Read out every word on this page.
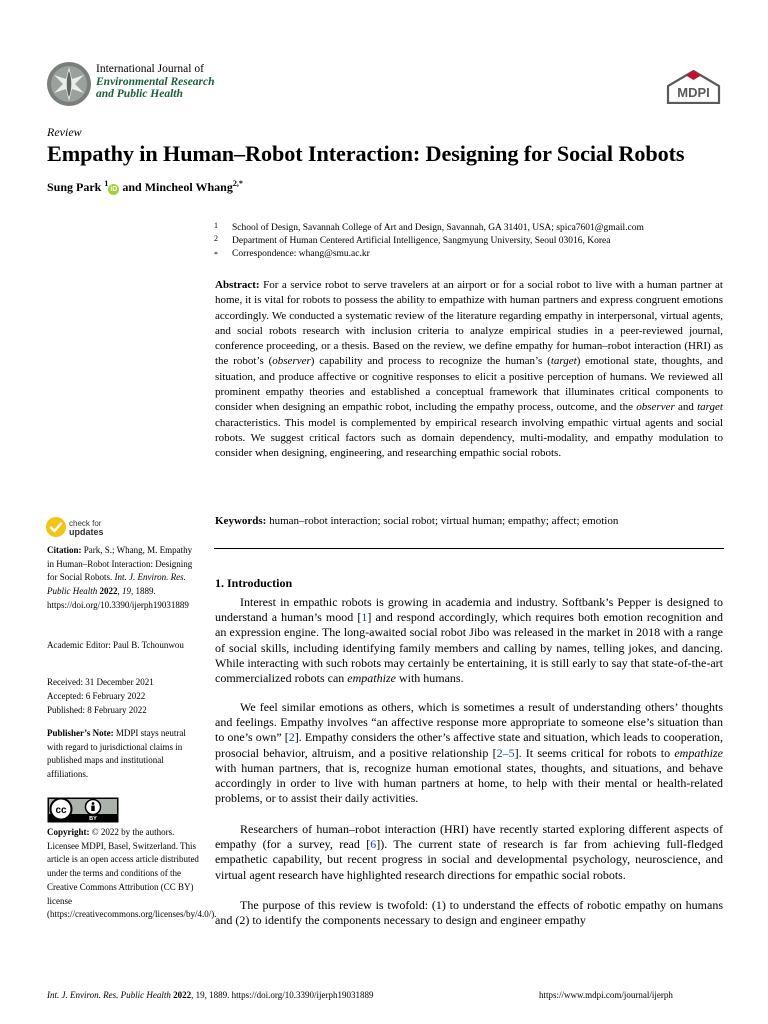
International Journal of
Environmental Research
and Public Health	MDPI
Review
Empathy in Human–Robot Interaction: Designing for Social Robots
Sung Park $^1$iD and Mincheol Whang$^{2,*}$
1 School of Design, Savannah College of Art and Design, Savannah, GA 31401, USA; spica7601@gmail.com
2 Department of Human Centered Artificial Intelligence, Sangmyung University, Seoul 03016, Korea
* Correspondence: whang@smu.ac.kr

Abstract: For a service robot to serve travelers at an airport or for a social robot to live with a human partner at home, it is vital for robots to possess the ability to empathize with human partners and express congruent emotions accordingly. We conducted a systematic review of the literature regarding empathy in interpersonal, virtual agents, and social robots research with inclusion criteria to analyze empirical studies in a peer-reviewed journal, conference proceeding, or a thesis. Based on the review, we define empathy for human–robot interaction (HRI) as the robot’s (observer) capability and process to recognize the human’s (target) emotional state, thoughts, and situation, and produce affective or cognitive responses to elicit a positive perception of humans. We reviewed all prominent empathy theories and established a conceptual framework that illuminates critical components to consider when designing an empathic robot, including the empathy process, outcome, and the observer and target characteristics. This model is complemented by empirical research involving empathic virtual agents and social robots. We suggest critical factors such as domain dependency, multi-modality, and empathy modulation to consider when designing, engineering, and researching empathic social robots.

Keywords: human–robot interaction; social robot; virtual human; empathy; affect; emotion
check for
updates
Citation: Park, S.; Whang, M. Empathy in Human–Robot Interaction: Designing for Social Robots. Int. J. Environ. Res. Public Health 2022, 19, 1889. https://doi.org/10.3390/ijerph19031889
Academic Editor: Paul B. Tchounwou
Received: 31 December 2021
Accepted: 6 February 2022
Published: 8 February 2022
Publisher’s Note: MDPI stays neutral with regard to jurisdictional claims in published maps and institutional affiliations.
cc
BY
Copyright: © 2022 by the authors. Licensee MDPI, Basel, Switzerland. This article is an open access article distributed under the terms and conditions of the Creative Commons Attribution (CC BY) license (https://creativecommons.org/licenses/by/4.0/).
1. Introduction

Interest in empathic robots is growing in academia and industry. Softbank’s Pepper is designed to understand a human’s mood [1] and respond accordingly, which requires both emotion recognition and an expression engine. The long-awaited social robot Jibo was released in the market in 2018 with a range of social skills, including identifying family members and calling by names, telling jokes, and dancing. While interacting with such robots may certainly be entertaining, it is still early to say that state-of-the-art commercialized robots can empathize with humans.

We feel similar emotions as others, which is sometimes a result of understanding others’ thoughts and feelings. Empathy involves “an affective response more appropriate to someone else’s situation than to one’s own” [2]. Empathy considers the other’s affective state and situation, which leads to cooperation, prosocial behavior, altruism, and a positive relationship [2–5]. It seems critical for robots to empathize with human partners, that is, recognize human emotional states, thoughts, and situations, and behave accordingly in order to live with human partners at home, to help with their mental or health-related problems, or to assist their daily activities.

Researchers of human–robot interaction (HRI) have recently started exploring different aspects of empathy (for a survey, read [6]). The current state of research is far from achieving full-fledged empathetic capability, but recent progress in social and developmental psychology, neuroscience, and virtual agent research have highlighted research directions for empathic social robots.

The purpose of this review is twofold: (1) to understand the effects of robotic empathy on humans and (2) to identify the components necessary to design and engineer empathy

Int. J. Environ. Res. Public Health 2022, 19, 1889. https://doi.org/10.3390/ijerph19031889	https://www.mdpi.com/journal/ijerph
